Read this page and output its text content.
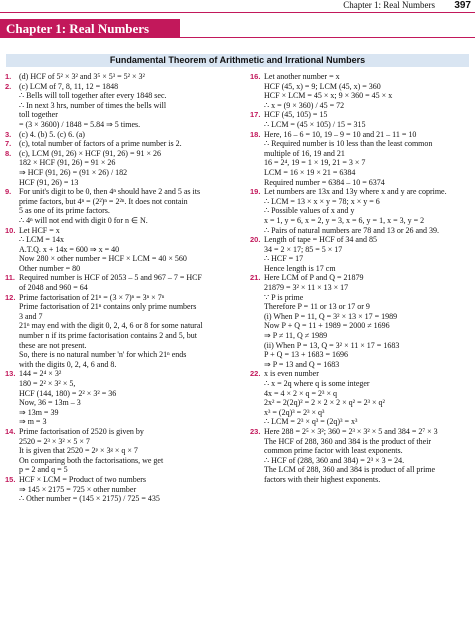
Chapter 1: Real Numbers 397
Chapter 1: Real Numbers
Fundamental Theorem of Arithmetic and Irrational Numbers
1. (d) HCF of 5² × 3² and 3⁵ × 5³ = 5² × 3²
2. (c) LCM of 7, 8, 11, 12 = 1848
∴ Bells will toll together after every 1848 sec.
∴ In next 3 hrs, number of times the bells will
toll together
= (3 × 3600) / 1848 = 5.84 ⇒ 5 times.
3. (c) 4. (b) 5. (c) 6. (a)
7. (c), total number of factors of a prime number is 2.
8. (c), LCM (91, 26) × HCF (91, 26) = 91 × 26
182 × HCF (91, 26) = 91 × 26
⇒ HCF (91, 26) = (91 × 26) / 182
HCF (91, 26) = 13
9. For unit's digit to be 0, then 4ⁿ should have 2 and 5 as its
prime factors, but 4ⁿ = (2²)ⁿ = 2²ⁿ. It does not contain
5 as one of its prime factors.
∴ 4ⁿ will not end with digit 0 for n ∈ N.
10. Let HCF = x
∴ LCM = 14x
A.T.Q. x + 14x = 600 ⇒ x = 40
Now 280 × other number = HCF × LCM = 40 × 560
Other number = 80
11. Required number is HCF of 2053 – 5 and 967 – 7 = HCF
of 2048 and 960 = 64
12. Prime factorisation of 21ⁿ = (3 × 7)ⁿ = 3ⁿ × 7ⁿ
Prime factorisation of 21ⁿ contains only prime numbers
3 and 7
21ⁿ may end with the digit 0, 2, 4, 6 or 8 for some natural
number n if its prime factorisation contains 2 and 5, but
these are not present.
So, there is no natural number 'n' for which 21ⁿ ends
with the digits 0, 2, 4, 6 and 8.
13. 144 = 2⁴ × 3²
180 = 2² × 3² × 5,
HCF (144, 180) = 2² × 3² = 36
Now, 36 = 13m – 3
⇒ 13m = 39
⇒ m = 3
14. Prime factorisation of 2520 is given by
2520 = 2³ × 3² × 5 × 7
It is given that 2520 = 2ᵖ × 3ᵍ × q × 7
On comparing both the factorisations, we get
p = 2 and q = 5
15. HCF × LCM = Product of two numbers
⇒ 145 × 2175 = 725 × other number
∴ Other number = (145 × 2175) / 725 = 435
16. Let another number = x
HCF (45, x) = 9; LCM (45, x) = 360
HCF × LCM = 45 × x; 9 × 360 = 45 × x
∴ x = (9 × 360) / 45 = 72
17. HCF (45, 105) = 15
∴ LCM = (45 × 105) / 15 = 315
18. Here, 16 – 6 = 10, 19 – 9 = 10 and 21 – 11 = 10
∴ Required number is 10 less than the least common
multiple of 16, 19 and 21
16 = 2⁴, 19 = 1 × 19, 21 = 3 × 7
LCM = 16 × 19 × 21 = 6384
Required number = 6384 – 10 = 6374
19. Let numbers are 13x and 13y where x and y are coprime.
∴ LCM = 13 × x × y = 78; x × y = 6
∴ Possible values of x and y
x = 1, y = 6, x = 2, y = 3, x = 6, y = 1, x = 3, y = 2
∴ Pairs of natural numbers are 78 and 13 or 26 and 39.
20. Length of tape = HCF of 34 and 85
34 = 2 × 17; 85 = 5 × 17
∴ HCF = 17
Hence length is 17 cm
21. Here LCM of P and Q = 21879
21879 = 3² × 11 × 13 × 17
∵ P is prime
Therefore P = 11 or 13 or 17 or 9
(i) When P = 11, Q = 3² × 13 × 17 = 1989
Now P + Q = 11 + 1989 = 2000 ≠ 1696
⇒ P ≠ 11, Q ≠ 1989
(ii) When P = 13, Q = 3² × 11 × 17 = 1683
P + Q = 13 + 1683 = 1696
⇒ P = 13 and Q = 1683
22. x is even number
∴ x = 2q where q is some integer
4x = 4 × 2 × q = 2³ × q
2x² = 2(2q)² = 2 × 2 × 2 × q² = 2³ × q²
x³ = (2q)³ = 2³ × q³
∴ LCM = 2³ × q³ = (2q)³ = x³
23. Here 288 = 2⁵ × 3²; 360 = 2³ × 3² × 5 and 384 = 2⁷ × 3
The HCF of 288, 360 and 384 is the product of their
common prime factor with least exponents.
∴ HCF of (288, 360 and 384) = 2³ × 3 = 24.
The LCM of 288, 360 and 384 is product of all prime
factors with their highest exponents.
